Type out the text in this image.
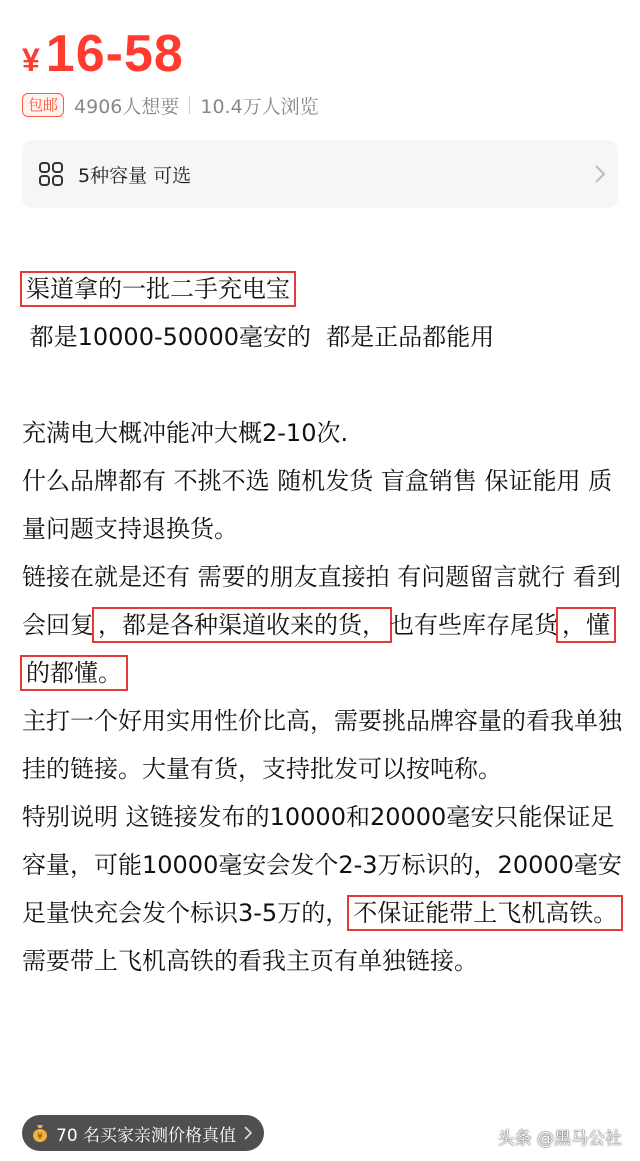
¥ 16-58
包邮 4906人想要 10.4万人浏览
5种容量 可选

渠道拿的一批二手充电宝 都是10000-50000毫安的  都是正品都能用

充满电大概冲能冲大概2-10次.

什么品牌都有 不挑不选 随机发货 盲盒销售 保证能用 质量问题支持退换货。

链接在就是还有 需要的朋友直接拍 有问题留言就行 看到会回复 ，都是各种渠道收来的货， 也有些库存尾货 ，懂的都懂。

主打一个好用实用性价比高，需要挑品牌容量的看我单独挂的链接。大量有货，支持批发可以按吨称。

特别说明 这链接发布的10000和20000毫安只能保证足容量，可能10000毫安会发个2-3万标识的，20000毫安足量快充会发个标识3-5万的， 不保证能带上飞机高铁。需要带上飞机高铁的看我主页有单独链接。

¥ 70 名买家亲测价格真值	头条 @黑马公社
